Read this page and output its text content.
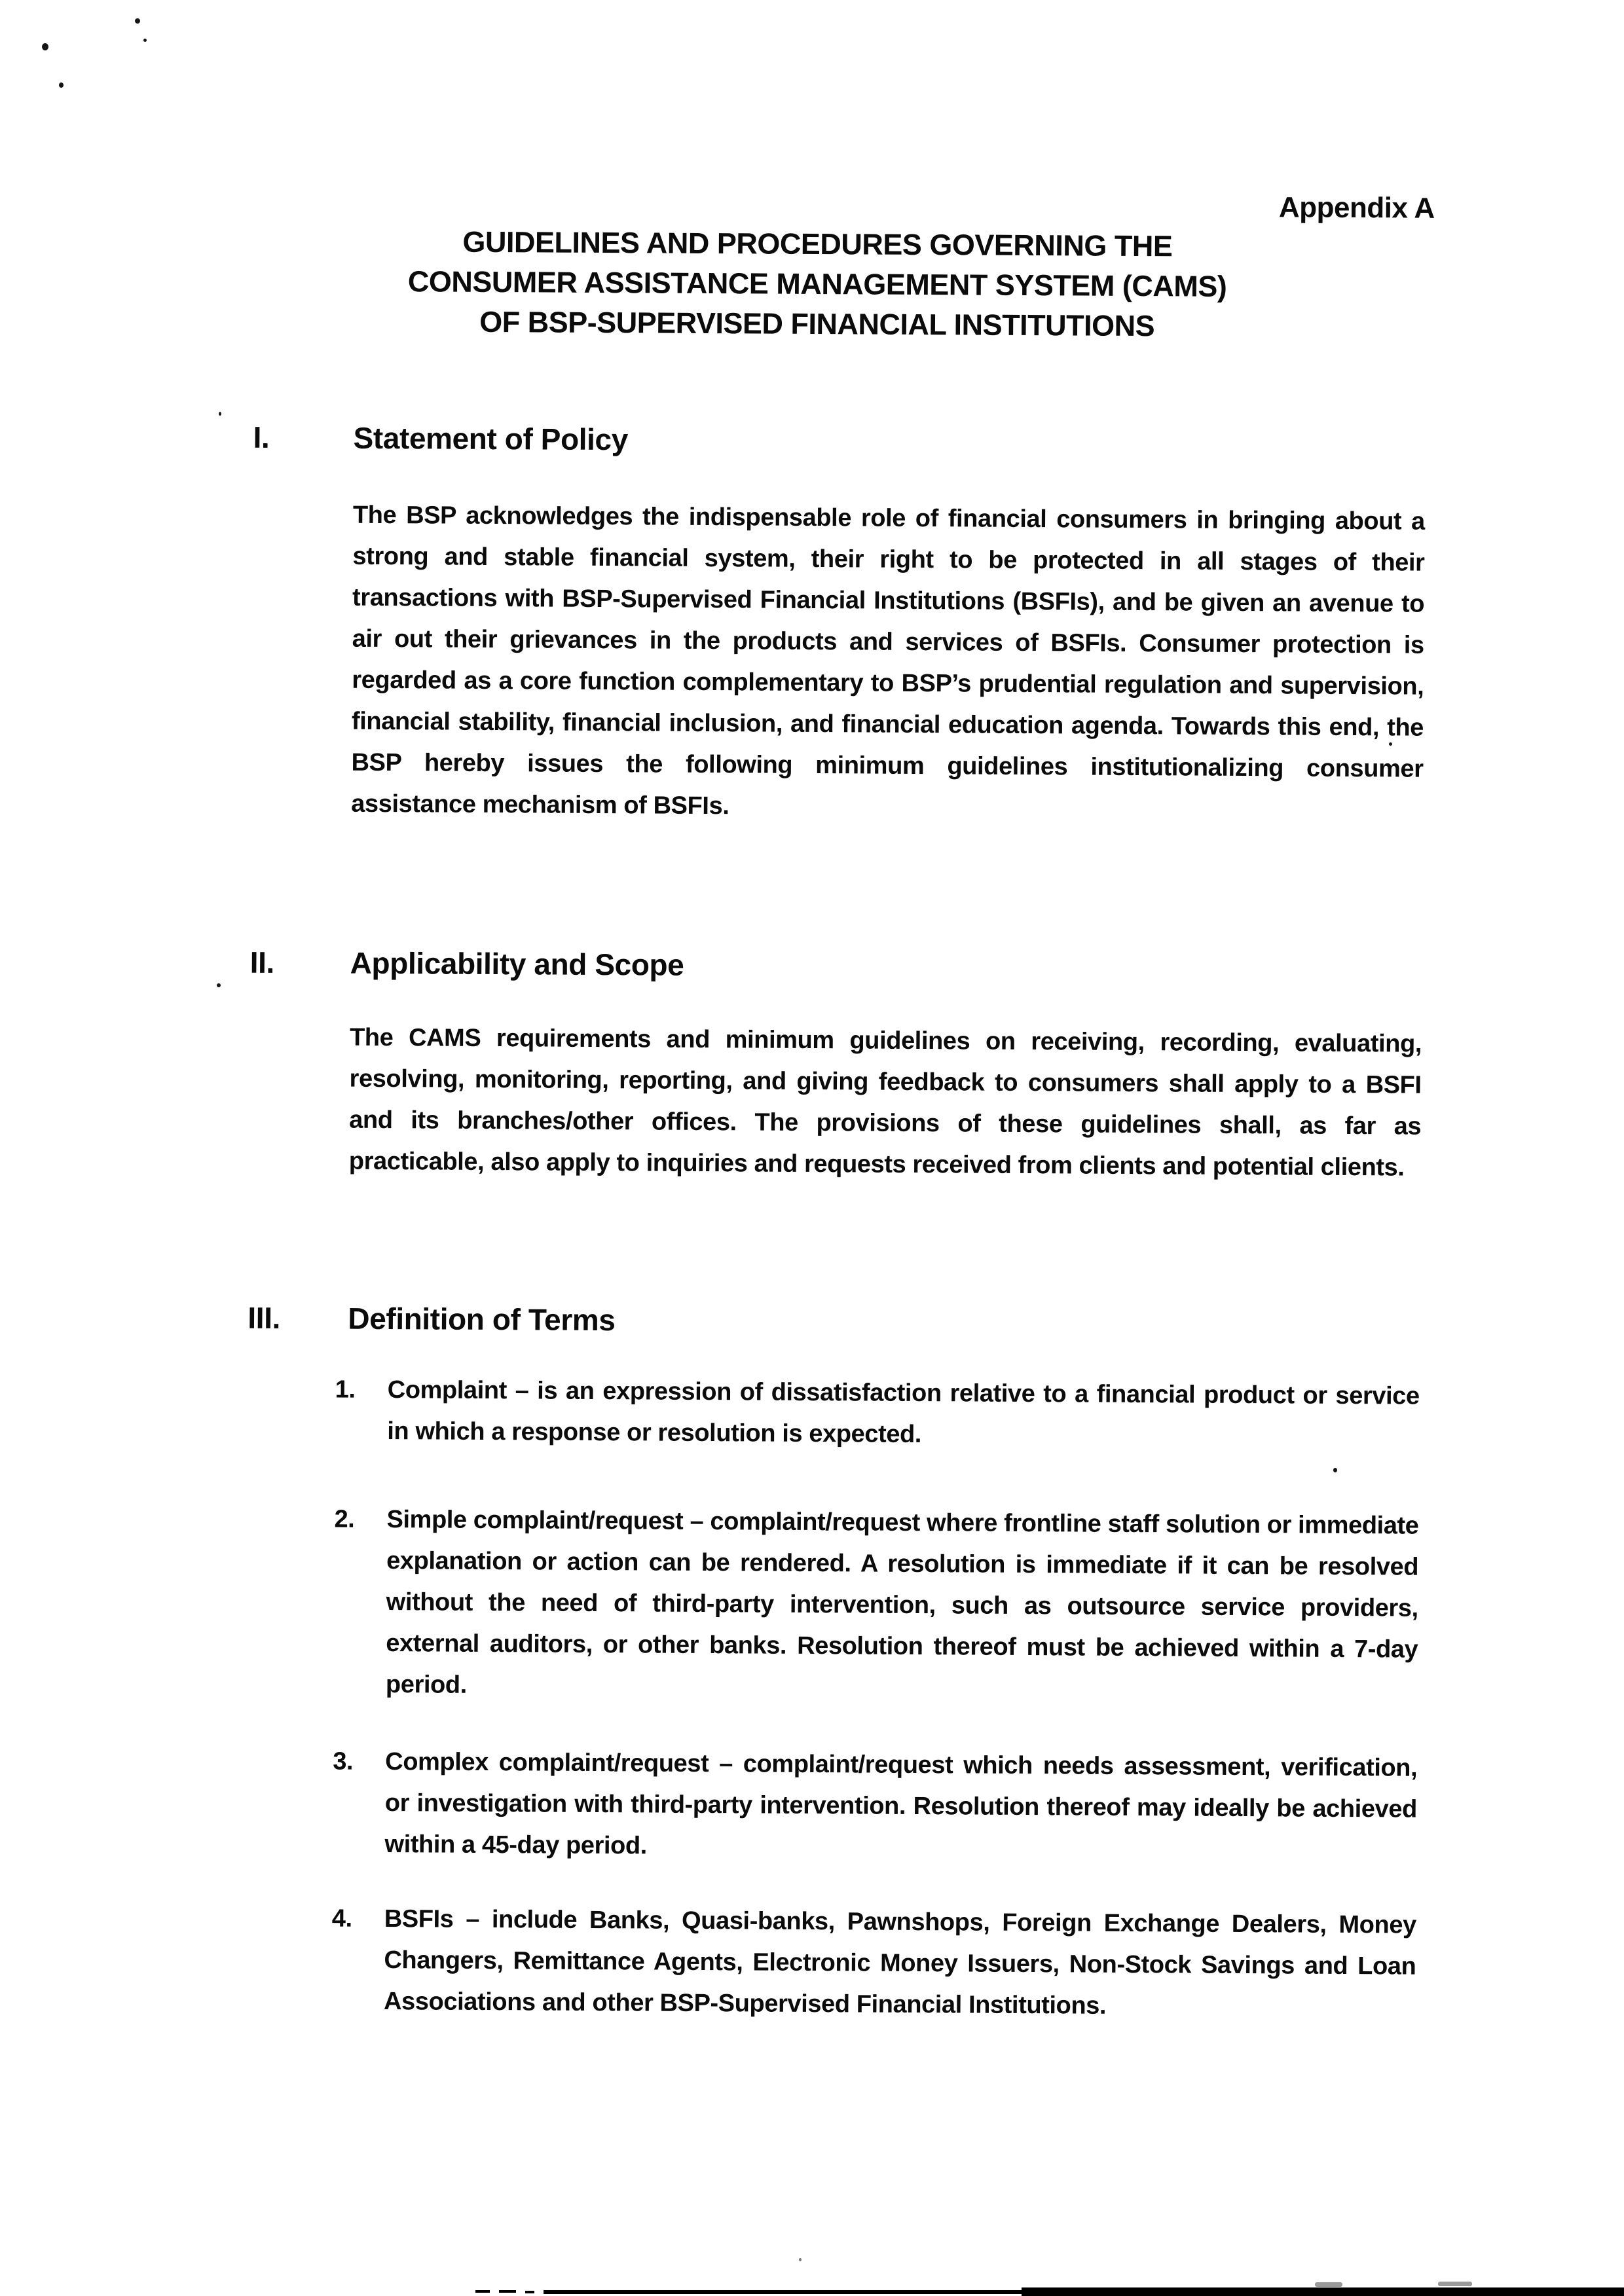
Appendix A
GUIDELINES AND PROCEDURES GOVERNING THE
CONSUMER ASSISTANCE MANAGEMENT SYSTEM (CAMS)
OF BSP-SUPERVISED FINANCIAL INSTITUTIONS
I.	Statement of Policy
The BSP acknowledges the indispensable role of financial consumers in bringing about a strong and stable financial system, their right to be protected in all stages of their transactions with BSP-Supervised Financial Institutions (BSFIs), and be given an avenue to air out their grievances in the products and services of BSFIs. Consumer protection is regarded as a core function complementary to BSP’s prudential regulation and supervision, financial stability, financial inclusion, and financial education agenda. Towards this end, the BSP hereby issues the following minimum guidelines institutionalizing consumer assistance mechanism of BSFIs.
II.	Applicability and Scope
The CAMS requirements and minimum guidelines on receiving, recording, evaluating, resolving, monitoring, reporting, and giving feedback to consumers shall apply to a BSFI and its branches/other offices. The provisions of these guidelines shall, as far as practicable, also apply to inquiries and requests received from clients and potential clients.
III.	Definition of Terms
1.	Complaint – is an expression of dissatisfaction relative to a financial product or service in which a response or resolution is expected.
2.	Simple complaint/request – complaint/request where frontline staff solution or immediate explanation or action can be rendered. A resolution is immediate if it can be resolved without the need of third-party intervention, such as outsource service providers, external auditors, or other banks. Resolution thereof must be achieved within a 7-day period.
3.	Complex complaint/request – complaint/request which needs assessment, verification, or investigation with third-party intervention. Resolution thereof may ideally be achieved within a 45-day period.
4.	BSFIs – include Banks, Quasi-banks, Pawnshops, Foreign Exchange Dealers, Money Changers, Remittance Agents, Electronic Money Issuers, Non-Stock Savings and Loan Associations and other BSP-Supervised Financial Institutions.
